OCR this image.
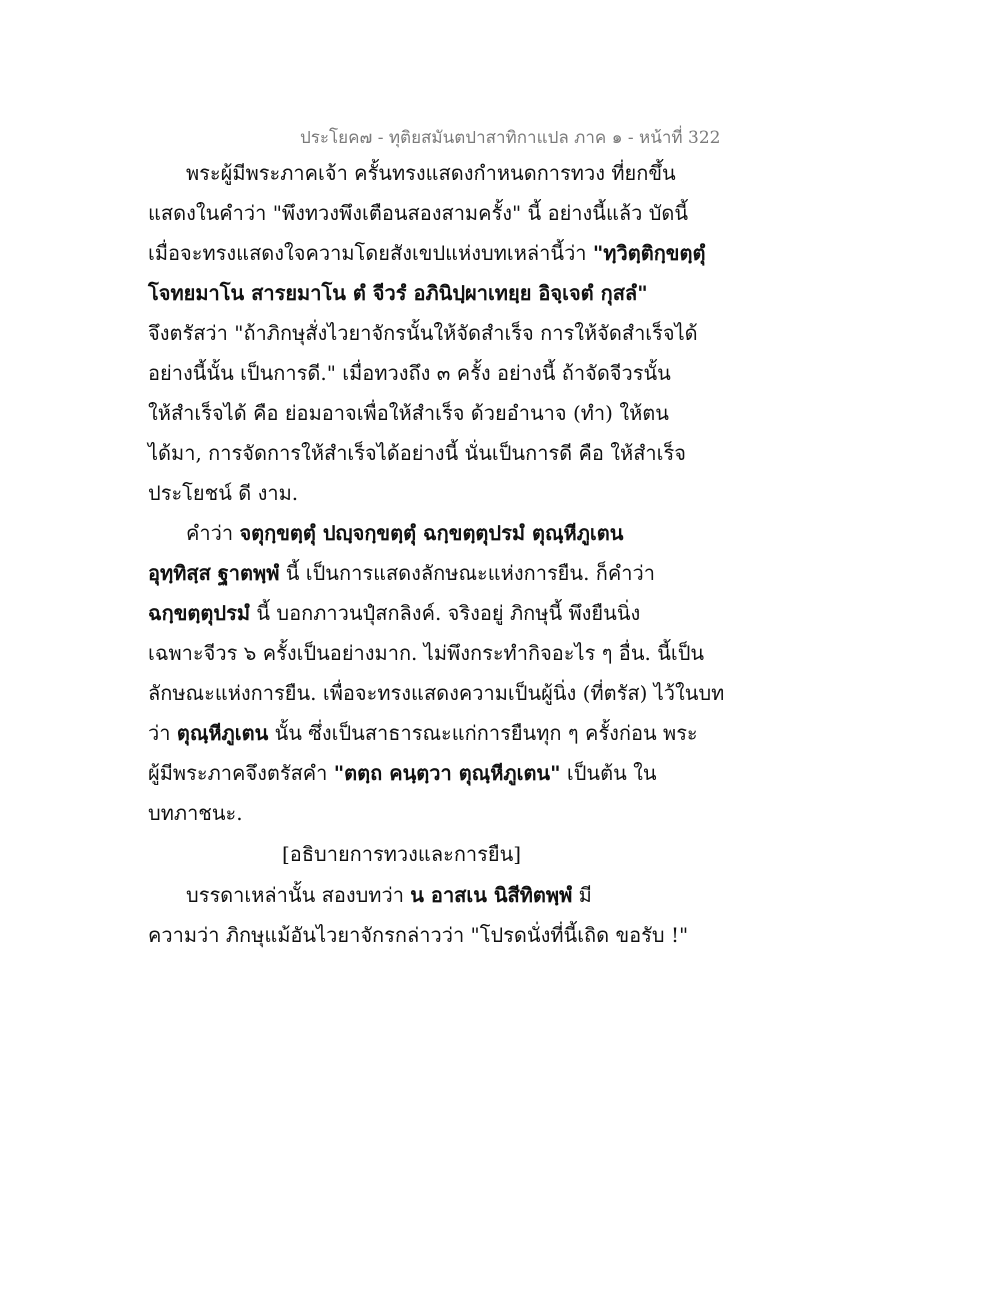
ประโยค๗ - ทุติยสมันตปาสาทิกาแปล ภาค ๑ - หน้าที่ 322
พระผู้มีพระภาคเจ้า ครั้นทรงแสดงกำหนดการทวง ที่ยกขึ้น
แสดงในคำว่า "พึงทวงพึงเตือนสองสามครั้ง" นี้ อย่างนี้แล้ว บัดนี้
เมื่อจะทรงแสดงใจความโดยสังเขปแห่งบทเหล่านี้ว่า "ทฺวิตฺติกฺขตฺตุํ
โจทยมาโน สารยมาโน ตํ จีวรํ อภินิปฺผาเทยฺย อิจฺเจตํ กุสลํ"
จึงตรัสว่า "ถ้าภิกษุสั่งไวยาจักรนั้นให้จัดสำเร็จ การให้จัดสำเร็จได้
อย่างนี้นั้น เป็นการดี." เมื่อทวงถึง ๓ ครั้ง อย่างนี้ ถ้าจัดจีวรนั้น
ให้สำเร็จได้ คือ ย่อมอาจเพื่อให้สำเร็จ ด้วยอำนาจ (ทำ) ให้ตน
ได้มา, การจัดการให้สำเร็จได้อย่างนี้ นั่นเป็นการดี คือ ให้สำเร็จ
ประโยชน์ ดี งาม.
คำว่า จตุกฺขตฺตุํ ปญฺจกฺขตฺตุํ ฉกฺขตฺตุปรมํ ตุณฺหีภูเตน
อุทฺทิสฺส ฐาตพฺพํ นี้ เป็นการแสดงลักษณะแห่งการยืน. ก็คำว่า
ฉกฺขตฺตุปรมํ นี้ บอกภาวนปุํสกลิงค์. จริงอยู่ ภิกษุนี้ พึงยืนนิ่ง
เฉพาะจีวร ๖ ครั้งเป็นอย่างมาก. ไม่พึงกระทำกิจอะไร ๆ อื่น. นี้เป็น
ลักษณะแห่งการยืน. เพื่อจะทรงแสดงความเป็นผู้นิ่ง (ที่ตรัส) ไว้ในบท
ว่า ตุณฺหีภูเตน นั้น ซึ่งเป็นสาธารณะแก่การยืนทุก ๆ ครั้งก่อน พระ
ผู้มีพระภาคจึงตรัสคำ "ตตฺถ คนฺตฺวา ตุณฺหีภูเตน" เป็นต้น ใน
บทภาชนะ.
[อธิบายการทวงและการยืน]
บรรดาเหล่านั้น สองบทว่า น อาสเน นิสีทิตพฺพํ มี
ความว่า ภิกษุแม้อันไวยาจักรกล่าวว่า "โปรดนั่งที่นี้เถิด ขอรับ !"
